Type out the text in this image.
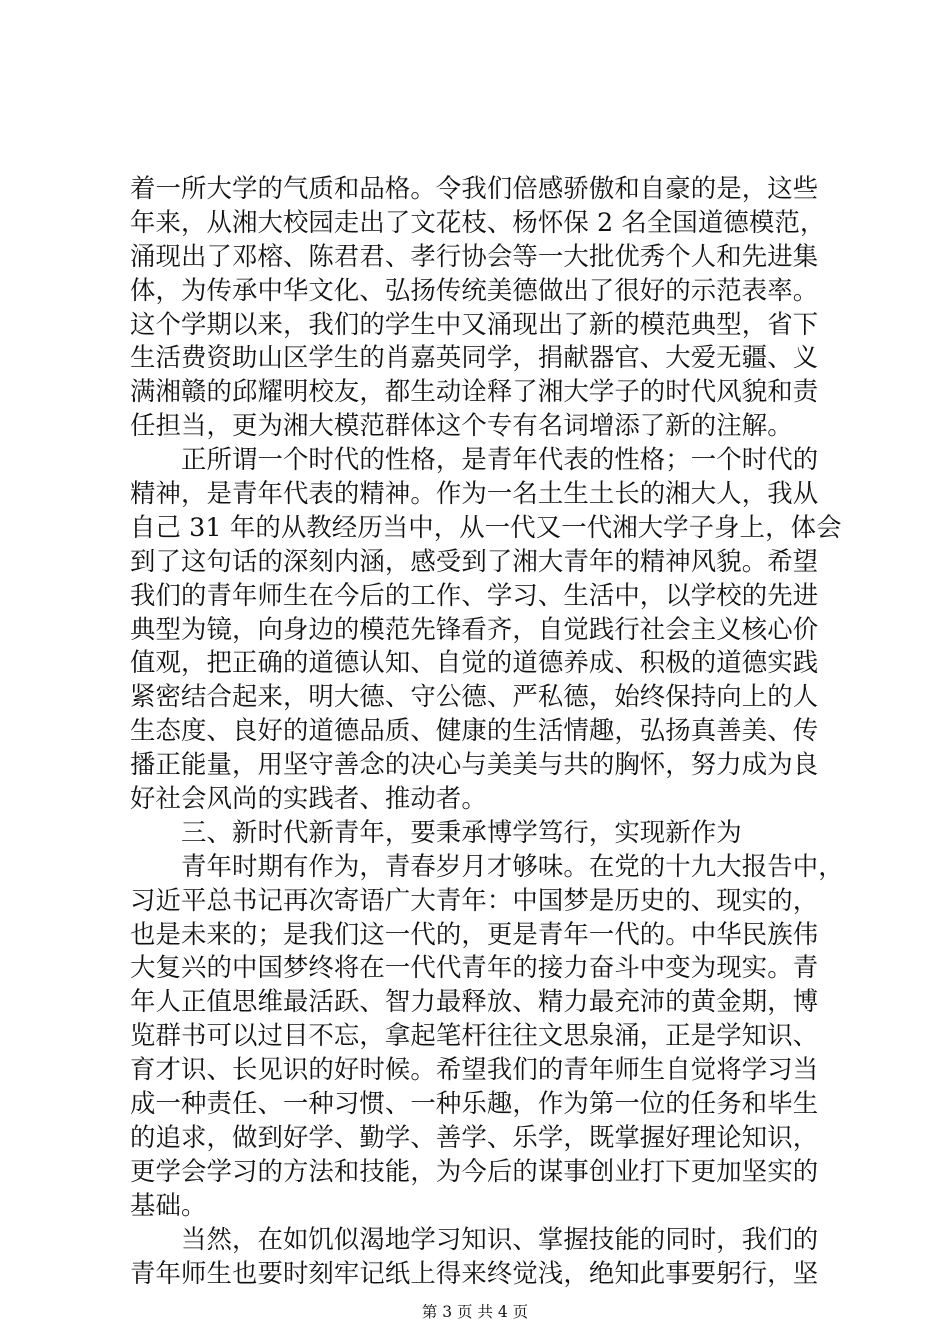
着一所大学的气质和品格。令我们倍感骄傲和自豪的是，这些
年来，从湘大校园走出了文花枝、杨怀保 2 名全国道德模范，
涌现出了邓榕、陈君君、孝行协会等一大批优秀个人和先进集
体，为传承中华文化、弘扬传统美德做出了很好的示范表率。
这个学期以来，我们的学生中又涌现出了新的模范典型，省下
生活费资助山区学生的肖嘉英同学，捐献器官、大爱无疆、义
满湘赣的邱耀明校友，都生动诠释了湘大学子的时代风貌和责
任担当，更为湘大模范群体这个专有名词增添了新的注解。
　　正所谓一个时代的性格，是青年代表的性格；一个时代的
精神，是青年代表的精神。作为一名土生土长的湘大人，我从
自己 31 年的从教经历当中，从一代又一代湘大学子身上，体会
到了这句话的深刻内涵，感受到了湘大青年的精神风貌。希望
我们的青年师生在今后的工作、学习、生活中，以学校的先进
典型为镜，向身边的模范先锋看齐，自觉践行社会主义核心价
值观，把正确的道德认知、自觉的道德养成、积极的道德实践
紧密结合起来，明大德、守公德、严私德，始终保持向上的人
生态度、良好的道德品质、健康的生活情趣，弘扬真善美、传
播正能量，用坚守善念的决心与美美与共的胸怀，努力成为良
好社会风尚的实践者、推动者。
　　三、新时代新青年，要秉承博学笃行，实现新作为
　　青年时期有作为，青春岁月才够味。在党的十九大报告中，
习近平总书记再次寄语广大青年：中国梦是历史的、现实的，
也是未来的；是我们这一代的，更是青年一代的。中华民族伟
大复兴的中国梦终将在一代代青年的接力奋斗中变为现实。青
年人正值思维最活跃、智力最释放、精力最充沛的黄金期，博
览群书可以过目不忘，拿起笔杆往往文思泉涌，正是学知识、
育才识、长见识的好时候。希望我们的青年师生自觉将学习当
成一种责任、一种习惯、一种乐趣，作为第一位的任务和毕生
的追求，做到好学、勤学、善学、乐学，既掌握好理论知识，
更学会学习的方法和技能，为今后的谋事创业打下更加坚实的
基础。
　　当然，在如饥似渴地学习知识、掌握技能的同时，我们的
青年师生也要时刻牢记纸上得来终觉浅，绝知此事要躬行，坚
第 3 页 共 4 页
